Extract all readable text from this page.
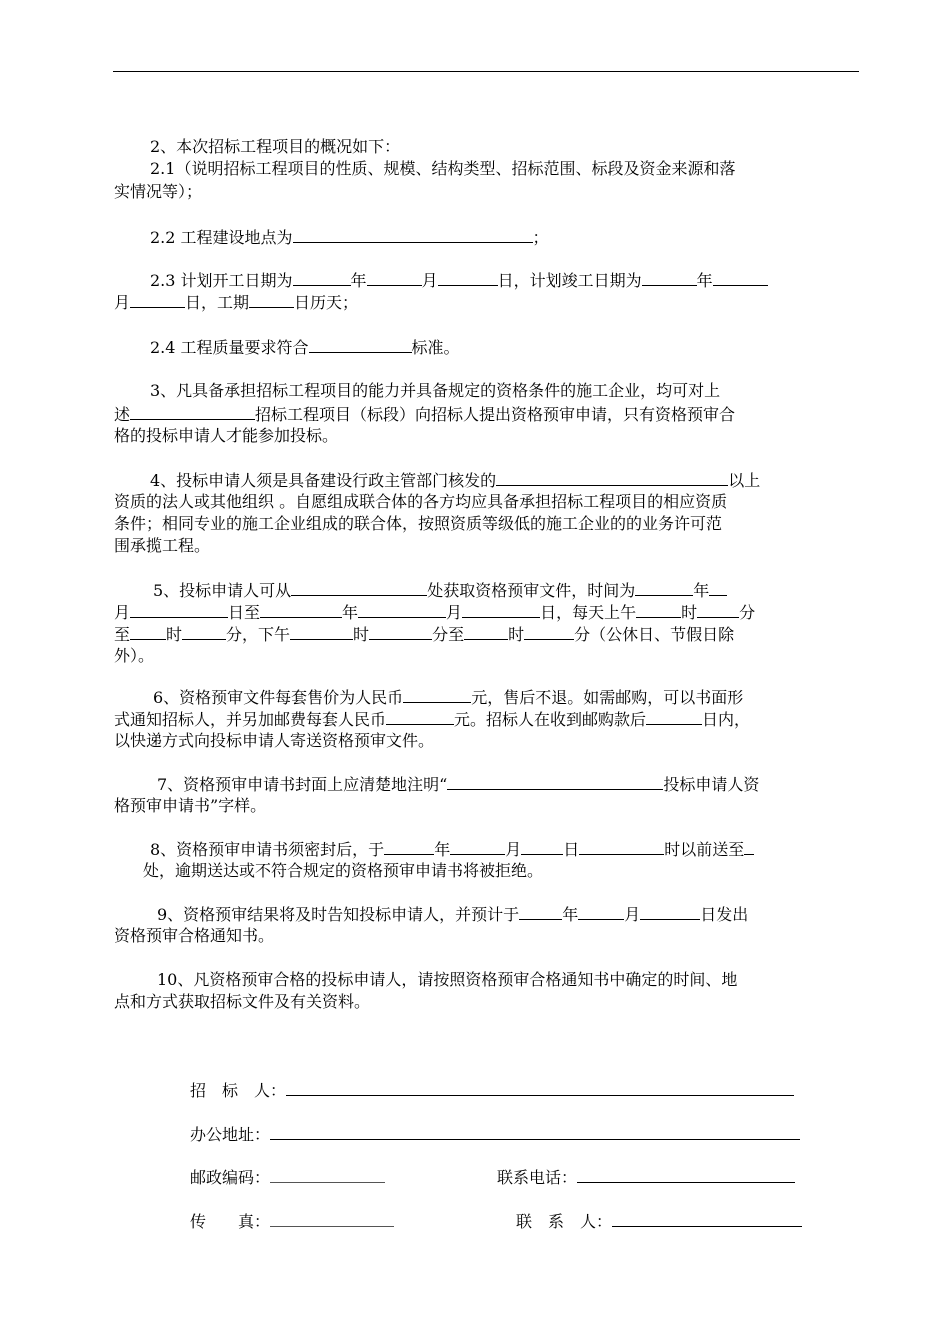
2、本次招标工程项目的概况如下：
2.1（说明招标工程项目的性质、规模、结构类型、招标范围、标段及资金来源和落
实情况等）；
2.2 工程建设地点为	；
2.3 计划开工日期为	年	月	日，计划竣工日期为	年
月	日，工期	日历天；
2.4 工程质量要求符合	标准。
3、凡具备承担招标工程项目的能力并具备规定的资格条件的施工企业，均可对上
述	招标工程项目（标段）向招标人提出资格预审申请，只有资格预审合
格的投标申请人才能参加投标。
4、投标申请人须是具备建设行政主管部门核发的	以上
资质的法人或其他组织 。自愿组成联合体的各方均应具备承担招标工程项目的相应资质
条件；相同专业的施工企业组成的联合体，按照资质等级低的施工企业的的业务许可范
围承揽工程。
5、投标申请人可从	处获取资格预审文件，时间为	年
月	日至	年	月	日，每天上午	时	分
至 时	分，下午	时	分至	时	分（公休日、节假日除
外）。
6、资格预审文件每套售价为人民币	元，售后不退。如需邮购，可以书面形
式通知招标人，并另加邮费每套人民币	元。招标人在收到邮购款后	日内，
以快递方式向投标申请人寄送资格预审文件。
7、资格预审申请书封面上应清楚地注明“	投标申请人资
格预审申请书”字样。
8、资格预审申请书须密封后，于	年	月	日	时以前送至
处，逾期送达或不符合规定的资格预审申请书将被拒绝。
9、资格预审结果将及时告知投标申请人，并预计于	年	月	日发出
资格预审合格通知书。
10、凡资格预审合格的投标申请人，请按照资格预审合格通知书中确定的时间、地
点和方式获取招标文件及有关资料。
招　标　人：
办公地址：
邮政编码：	联系电话：
传　　真：	联　系　人：
